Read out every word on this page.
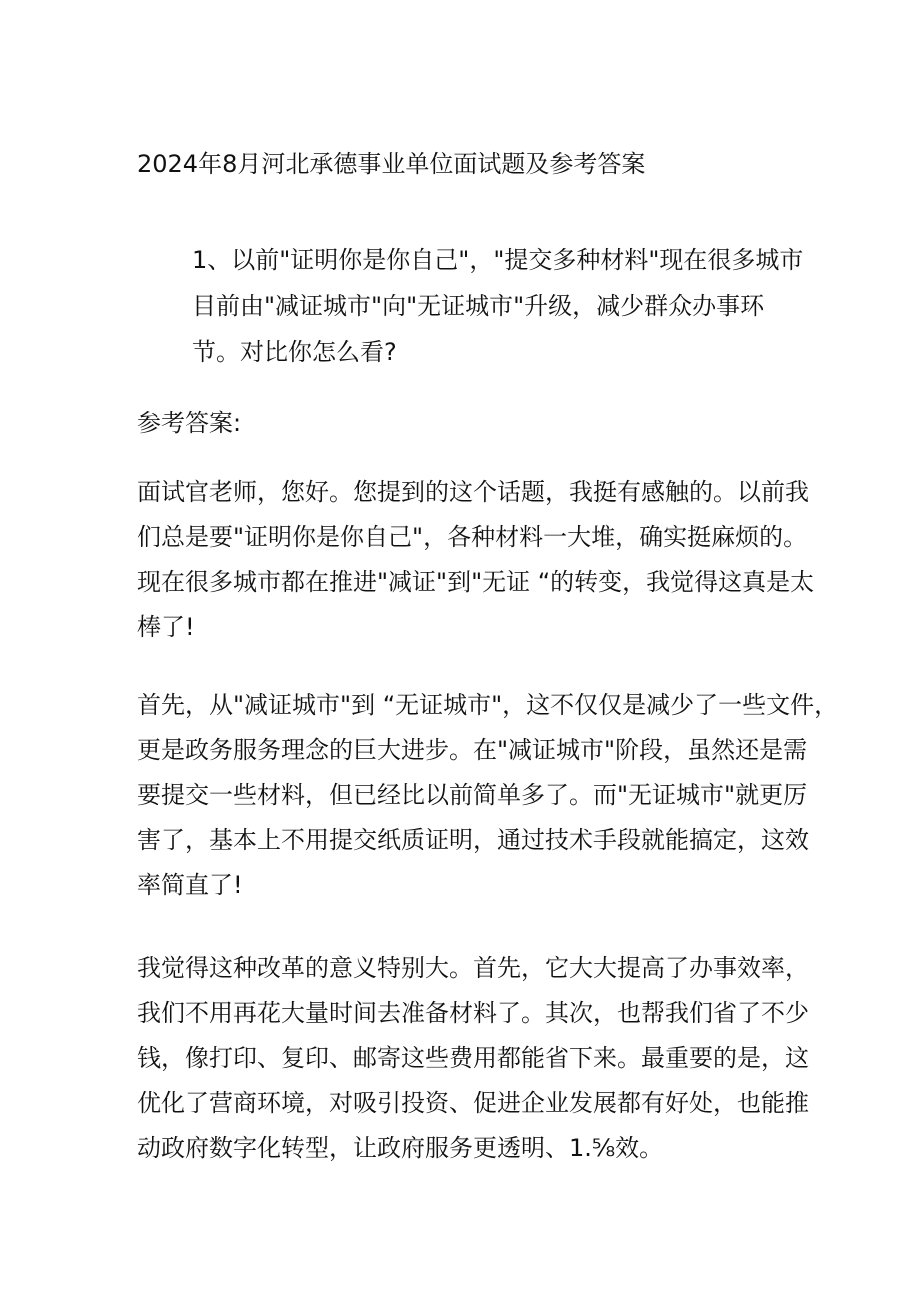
2024年8月河北承德事业单位面试题及参考答案
1、以前"证明你是你自己"，"提交多种材料"现在很多城市
目前由"减证城市"向"无证城市"升级，减少群众办事环
节。对比你怎么看?
参考答案:
面试官老师，您好。您提到的这个话题，我挺有感触的。以前我
们总是要"证明你是你自己"，各种材料一大堆，确实挺麻烦的。
现在很多城市都在推进"减证"到"无证 “的转变，我觉得这真是太
棒了!
首先，从"减证城市"到 “无证城市"，这不仅仅是减少了一些文件，
更是政务服务理念的巨大进步。在"减证城市"阶段，虽然还是需
要提交一些材料，但已经比以前简单多了。而"无证城市"就更厉
害了，基本上不用提交纸质证明，通过技术手段就能搞定，这效
率简直了!
我觉得这种改革的意义特别大。首先，它大大提高了办事效率，
我们不用再花大量时间去准备材料了。其次，也帮我们省了不少
钱，像打印、复印、邮寄这些费用都能省下来。最重要的是，这
优化了营商环境，对吸引投资、促进企业发展都有好处，也能推
动政府数字化转型，让政府服务更透明、1.⅝效。
